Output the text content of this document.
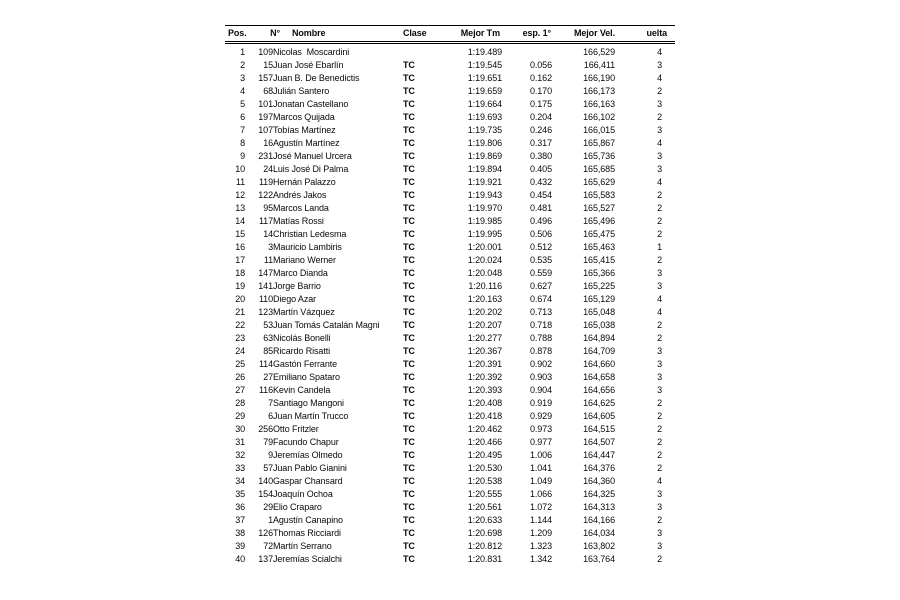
Pos.	N° Nombre	Clase	Mejor Tm	esp. 1°	Mejor Vel.	uelta
1	109	Nicolas  Moscardini		1:19.489		166,529	4	
2	15	Juan José Ebarlín	TC	1:19.545	0.056	166,411	3	
3	157	Juan B. De Benedictis	TC	1:19.651	0.162	166,190	4	
4	68	Julián Santero	TC	1:19.659	0.170	166,173	2	
5	101	Jonatan Castellano	TC	1:19.664	0.175	166,163	3	
6	197	Marcos Quijada	TC	1:19.693	0.204	166,102	2	
7	107	Tobías Martínez	TC	1:19.735	0.246	166,015	3	
8	16	Agustín Martínez	TC	1:19.806	0.317	165,867	4	
9	231	José Manuel Urcera	TC	1:19.869	0.380	165,736	3	
10	24	Luis José Di Palma	TC	1:19.894	0.405	165,685	3	
11	119	Hernán Palazzo	TC	1:19.921	0.432	165,629	4	
12	122	Andrés Jakos	TC	1:19.943	0.454	165,583	2	
13	95	Marcos Landa	TC	1:19.970	0.481	165,527	2	
14	117	Matías Rossi	TC	1:19.985	0.496	165,496	2	
15	14	Christian Ledesma	TC	1:19.995	0.506	165,475	2	
16	3	Mauricio Lambiris	TC	1:20.001	0.512	165,463	1	
17	11	Mariano Werner	TC	1:20.024	0.535	165,415	2	
18	147	Marco Dianda	TC	1:20.048	0.559	165,366	3	
19	141	Jorge Barrio	TC	1:20.116	0.627	165,225	3	
20	110	Diego Azar	TC	1:20.163	0.674	165,129	4	
21	123	Martín Vázquez	TC	1:20.202	0.713	165,048	4	
22	53	Juan Tomás Catalán Magni	TC	1:20.207	0.718	165,038	2	
23	63	Nicolás Bonelli	TC	1:20.277	0.788	164,894	2	
24	85	Ricardo Risatti	TC	1:20.367	0.878	164,709	3	
25	114	Gastón Ferrante	TC	1:20.391	0.902	164,660	3	
26	27	Emiliano Spataro	TC	1:20.392	0.903	164,658	3	
27	116	Kevin Candela	TC	1:20.393	0.904	164,656	3	
28	7	Santiago Mangoni	TC	1:20.408	0.919	164,625	2	
29	6	Juan Martín Trucco	TC	1:20.418	0.929	164,605	2	
30	256	Otto Fritzler	TC	1:20.462	0.973	164,515	2	
31	79	Facundo Chapur	TC	1:20.466	0.977	164,507	2	
32	9	Jeremías Olmedo	TC	1:20.495	1.006	164,447	2	
33	57	Juan Pablo Gianini	TC	1:20.530	1.041	164,376	2	
34	140	Gaspar Chansard	TC	1:20.538	1.049	164,360	4	
35	154	Joaquín Ochoa	TC	1:20.555	1.066	164,325	3	
36	29	Elio Craparo	TC	1:20.561	1.072	164,313	3	
37	1	Agustín Canapino	TC	1:20.633	1.144	164,166	2	
38	126	Thomas Ricciardi	TC	1:20.698	1.209	164,034	3	
39	72	Martín Serrano	TC	1:20.812	1.323	163,802	3	
40	137	Jeremías Scialchi	TC	1:20.831	1.342	163,764	2	
